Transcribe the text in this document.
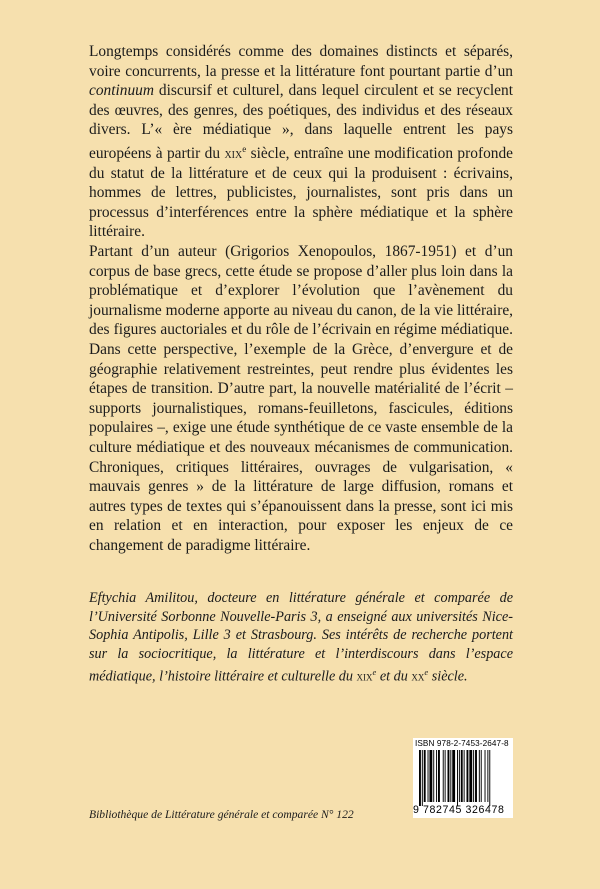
Longtemps considérés comme des domaines distincts et séparés, voire concurrents, la presse et la littérature font pourtant partie d’un continuum discursif et culturel, dans lequel circulent et se recyclent des œuvres, des genres, des poétiques, des individus et des réseaux divers. L’« ère médiatique », dans laquelle entrent les pays européens à partir du xix$^e$ siècle, entraîne une modification profonde du statut de la littérature et de ceux qui la produisent : écrivains, hommes de lettres, publicistes, journalistes, sont pris dans un processus d’interférences entre la sphère médiatique et la sphère littéraire.

Partant d’un auteur (Grigorios Xenopoulos, 1867-1951) et d’un corpus de base grecs, cette étude se propose d’aller plus loin dans la problématique et d’explorer l’évolution que l’avènement du journalisme moderne apporte au niveau du canon, de la vie littéraire, des figures auctoriales et du rôle de l’écrivain en régime médiatique. Dans cette perspective, l’exemple de la Grèce, d’envergure et de géographie relativement restreintes, peut rendre plus évidentes les étapes de transition. D’autre part, la nouvelle matérialité de l’écrit – supports journalistiques, romans-feuilletons, fascicules, éditions populaires –, exige une étude synthétique de ce vaste ensemble de la culture médiatique et des nouveaux mécanismes de communication. Chroniques, critiques littéraires, ouvrages de vulgarisation, « mauvais genres » de la littérature de large diffusion, romans et autres types de textes qui s’épanouissent dans la presse, sont ici mis en relation et en interaction, pour exposer les enjeux de ce changement de paradigme littéraire.

Eftychia Amilitou, docteure en littérature générale et comparée de l’Université Sorbonne Nouvelle-Paris 3, a enseigné aux universités Nice-Sophia Antipolis, Lille 3 et Strasbourg. Ses intérêts de recherche portent sur la sociocritique, la littérature et l’interdiscours dans l’espace médiatique, l’histoire littéraire et culturelle du xix$^e$ et du $xx^e$ siècle.
Bibliothèque de Littérature générale et comparée N° 122
ISBN 978-2-7453-2647-8
9 782745 326478
